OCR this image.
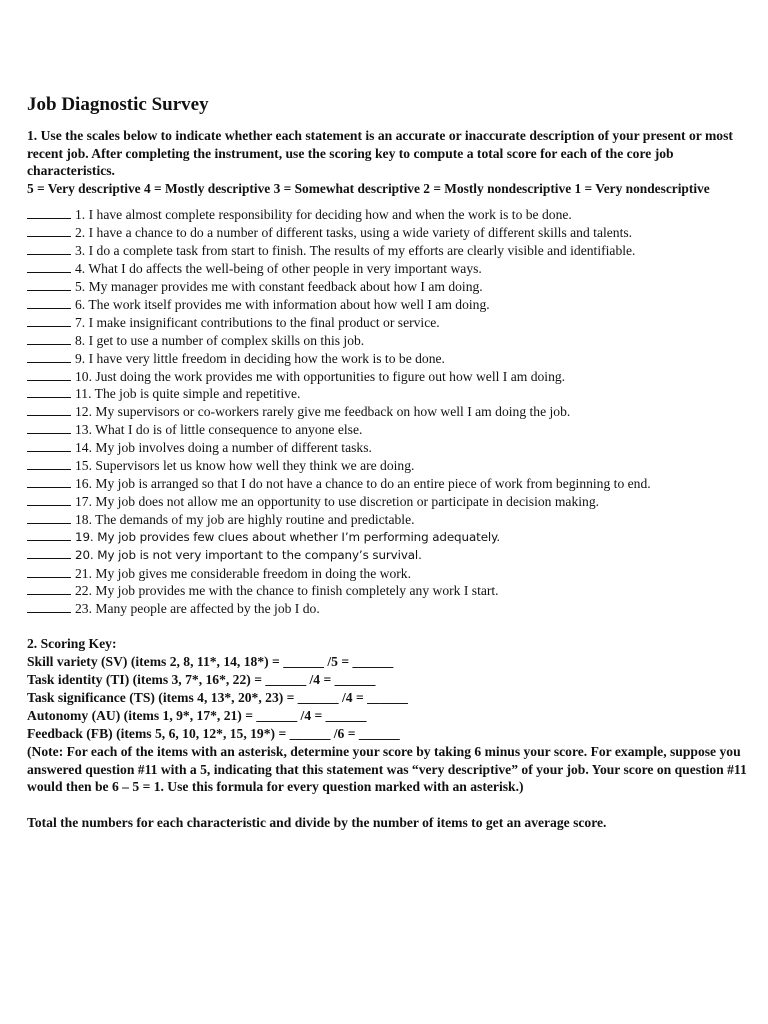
Job Diagnostic Survey

1. Use the scales below to indicate whether each statement is an accurate or inaccurate description of your present or most recent job. After completing the instrument, use the scoring key to compute a total score for each of the core job characteristics.

5 = Very descriptive 4 = Mostly descriptive 3 = Somewhat descriptive 2 = Mostly nondescriptive 1 = Very nondescriptive

1. I have almost complete responsibility for deciding how and when the work is to be done.
2. I have a chance to do a number of different tasks, using a wide variety of different skills and talents.
3. I do a complete task from start to finish. The results of my efforts are clearly visible and identifiable.
4. What I do affects the well-being of other people in very important ways.
5. My manager provides me with constant feedback about how I am doing.
6. The work itself provides me with information about how well I am doing.
7. I make insignificant contributions to the final product or service.
8. I get to use a number of complex skills on this job.
9. I have very little freedom in deciding how the work is to be done.
10. Just doing the work provides me with opportunities to figure out how well I am doing.
11. The job is quite simple and repetitive.
12. My supervisors or co-workers rarely give me feedback on how well I am doing the job.
13. What I do is of little consequence to anyone else.
14. My job involves doing a number of different tasks.
15. Supervisors let us know how well they think we are doing.
16. My job is arranged so that I do not have a chance to do an entire piece of work from beginning to end.
17. My job does not allow me an opportunity to use discretion or participate in decision making.
18. The demands of my job are highly routine and predictable.
19. My job provides few clues about whether I’m performing adequately.
20. My job is not very important to the company’s survival.
21. My job gives me considerable freedom in doing the work.
22. My job provides me with the chance to finish completely any work I start.
23. Many people are affected by the job I do.
2. Scoring Key:
Skill variety (SV) (items 2, 8, 11*, 14, 18*) = ______ /5 = ______
Task identity (TI) (items 3, 7*, 16*, 22) = ______ /4 = ______
Task significance (TS) (items 4, 13*, 20*, 23) = ______ /4 = ______
Autonomy (AU) (items 1, 9*, 17*, 21) = ______ /4 = ______
Feedback (FB) (items 5, 6, 10, 12*, 15, 19*) = ______ /6 = ______
(Note: For each of the items with an asterisk, determine your score by taking 6 minus your score. For example, suppose you answered question #11 with a 5, indicating that this statement was “very descriptive” of your job. Your score on question #11
would then be 6 – 5 = 1. Use this formula for every question marked with an asterisk.)

Total the numbers for each characteristic and divide by the number of items to get an average score.
